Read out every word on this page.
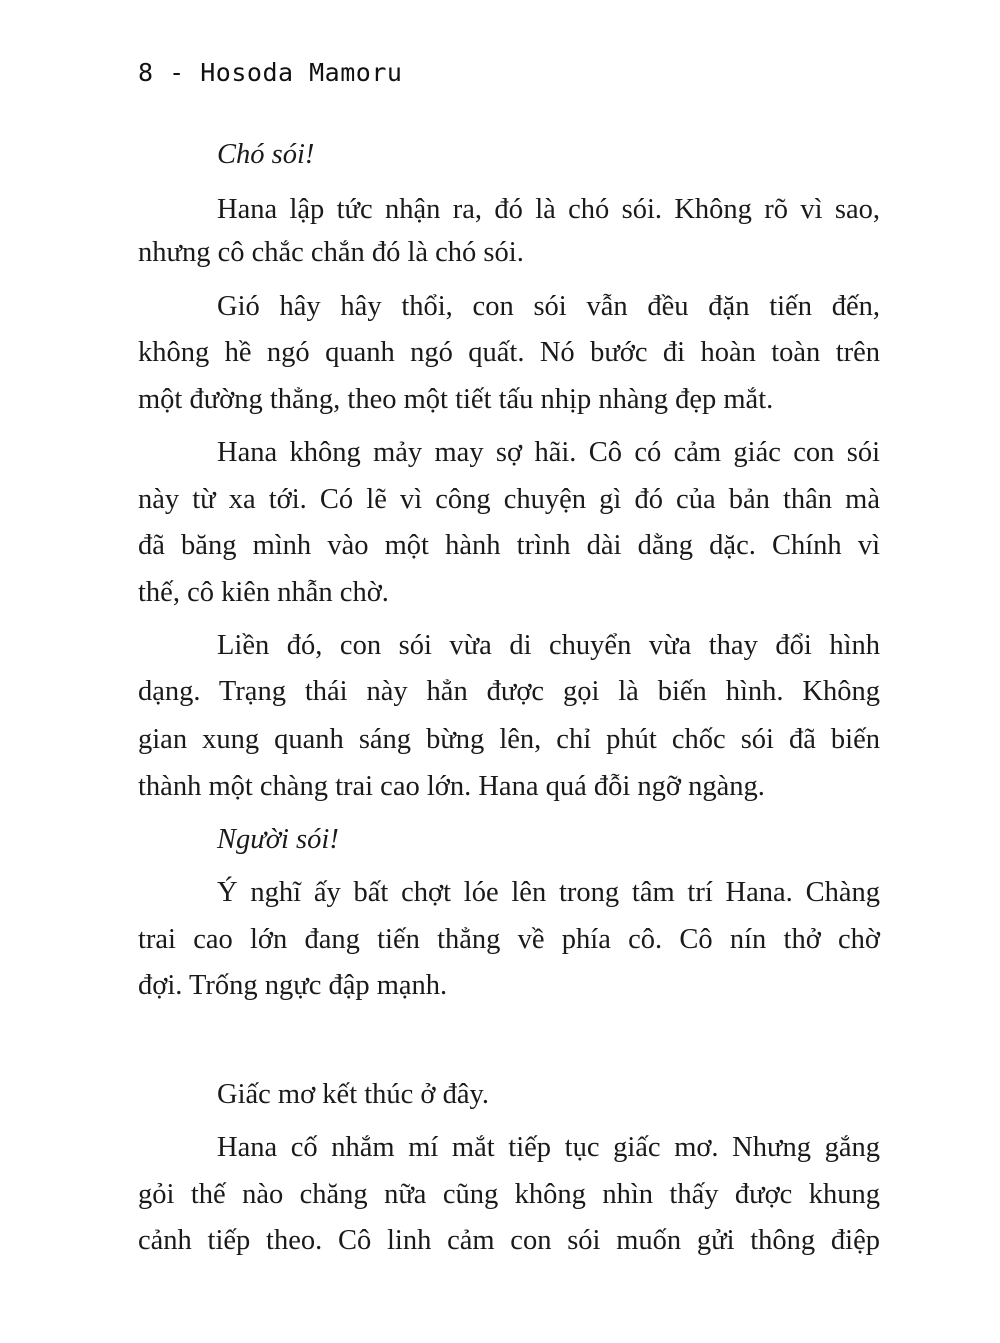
8 - Hosoda Mamoru
Chó sói!
Hana lập tức nhận ra, đó là chó sói. Không rõ vì sao,
nhưng cô chắc chắn đó là chó sói.
Gió hây hây thổi, con sói vẫn đều đặn tiến đến,
không hề ngó quanh ngó quất. Nó bước đi hoàn toàn trên
một đường thẳng, theo một tiết tấu nhịp nhàng đẹp mắt.
Hana không mảy may sợ hãi. Cô có cảm giác con sói
này từ xa tới. Có lẽ vì công chuyện gì đó của bản thân mà
đã băng mình vào một hành trình dài dằng dặc. Chính vì
thế, cô kiên nhẫn chờ.
Liền đó, con sói vừa di chuyển vừa thay đổi hình
dạng. Trạng thái này hẳn được gọi là biến hình. Không
gian xung quanh sáng bừng lên, chỉ phút chốc sói đã biến
thành một chàng trai cao lớn. Hana quá đỗi ngỡ ngàng.
Người sói!
Ý nghĩ ấy bất chợt lóe lên trong tâm trí Hana. Chàng
trai cao lớn đang tiến thẳng về phía cô. Cô nín thở chờ
đợi. Trống ngực đập mạnh.
Giấc mơ kết thúc ở đây.
Hana cố nhắm mí mắt tiếp tục giấc mơ. Nhưng gắng
gỏi thế nào chăng nữa cũng không nhìn thấy được khung
cảnh tiếp theo. Cô linh cảm con sói muốn gửi thông điệp
